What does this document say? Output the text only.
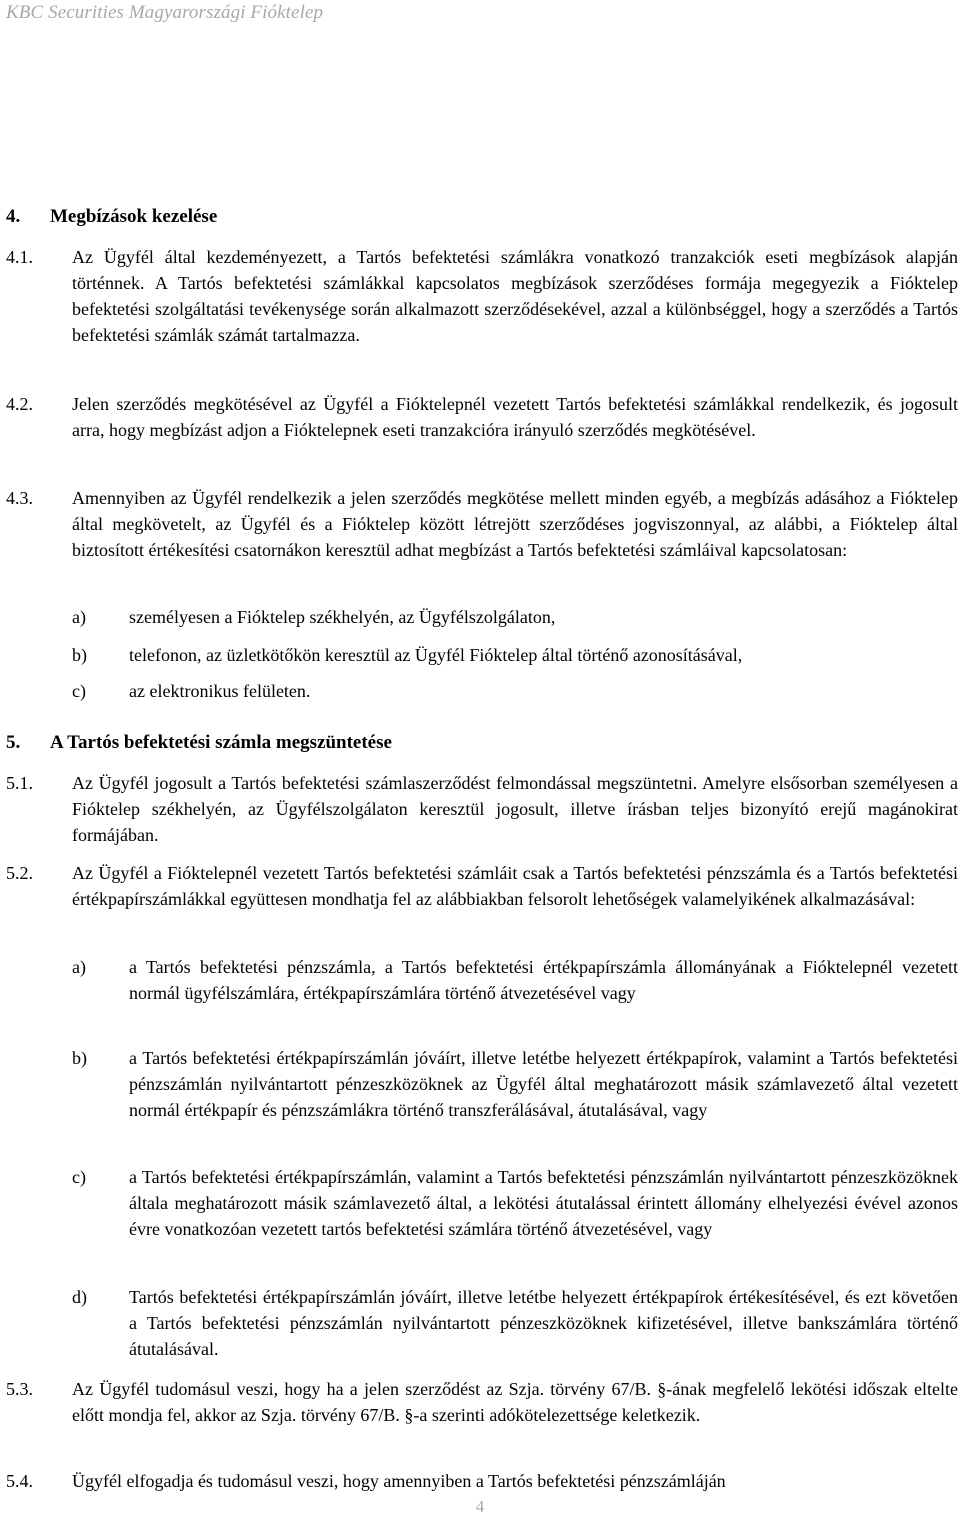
KBC Securities Magyarországi Fióktelep
4. Megbízások kezelése
4.1. Az Ügyfél által kezdeményezett, a Tartós befektetési számlákra vonatkozó tranzakciók eseti megbízások alapján történnek. A Tartós befektetési számlákkal kapcsolatos megbízások szerződéses formája megegyezik a Fióktelep befektetési szolgáltatási tevékenysége során alkalmazott szerződésekével, azzal a különbséggel, hogy a szerződés a Tartós befektetési számlák számát tartalmazza.
4.2. Jelen szerződés megkötésével az Ügyfél a Fióktelepnél vezetett Tartós befektetési számlákkal rendelkezik, és jogosult arra, hogy megbízást adjon a Fióktelepnek eseti tranzakcióra irányuló szerződés megkötésével.
4.3. Amennyiben az Ügyfél rendelkezik a jelen szerződés megkötése mellett minden egyéb, a megbízás adásához a Fióktelep által megkövetelt, az Ügyfél és a Fióktelep között létrejött szerződéses jogviszonnyal, az alábbi, a Fióktelep által biztosított értékesítési csatornákon keresztül adhat megbízást a Tartós befektetési számláival kapcsolatosan:
a) személyesen a Fióktelep székhelyén, az Ügyfélszolgálaton,
b) telefonon, az üzletkötőkön keresztül az Ügyfél Fióktelep által történő azonosításával,
c) az elektronikus felületen.
5. A Tartós befektetési számla megszüntetése
5.1. Az Ügyfél jogosult a Tartós befektetési számlaszerződést felmondással megszüntetni. Amelyre elsősorban személyesen a Fióktelep székhelyén, az Ügyfélszolgálaton keresztül jogosult, illetve írásban teljes bizonyító erejű magánokirat formájában.
5.2. Az Ügyfél a Fióktelepnél vezetett Tartós befektetési számláit csak a Tartós befektetési pénzszámla és a Tartós befektetési értékpapírszámlákkal együttesen mondhatja fel az alábbiakban felsorolt lehetőségek valamelyikének alkalmazásával:
a) a Tartós befektetési pénzszámla, a Tartós befektetési értékpapírszámla állományának a Fióktelepnél vezetett normál ügyfélszámlára, értékpapírszámlára történő átvezetésével vagy
b) a Tartós befektetési értékpapírszámlán jóváírt, illetve letétbe helyezett értékpapírok, valamint a Tartós befektetési pénzszámlán nyilvántartott pénzeszközöknek az Ügyfél által meghatározott másik számlavezető által vezetett normál értékpapír és pénzszámlákra történő transzferálásával, átutalásával, vagy
c) a Tartós befektetési értékpapírszámlán, valamint a Tartós befektetési pénzszámlán nyilvántartott pénzeszközöknek általa meghatározott másik számlavezető által, a lekötési átutalással érintett állomány elhelyezési évével azonos évre vonatkozóan vezetett tartós befektetési számlára történő átvezetésével, vagy
d) Tartós befektetési értékpapírszámlán jóváírt, illetve letétbe helyezett értékpapírok értékesítésével, és ezt követően a Tartós befektetési pénzszámlán nyilvántartott pénzeszközöknek kifizetésével, illetve bankszámlára történő átutalásával.
5.3. Az Ügyfél tudomásul veszi, hogy ha a jelen szerződést az Szja. törvény 67/B. §-ának megfelelő lekötési időszak eltelte előtt mondja fel, akkor az Szja. törvény 67/B. §-a szerinti adókötelezettsége keletkezik.
5.4. Ügyfél elfogadja és tudomásul veszi, hogy amennyiben a Tartós befektetési pénzszámláján
4
